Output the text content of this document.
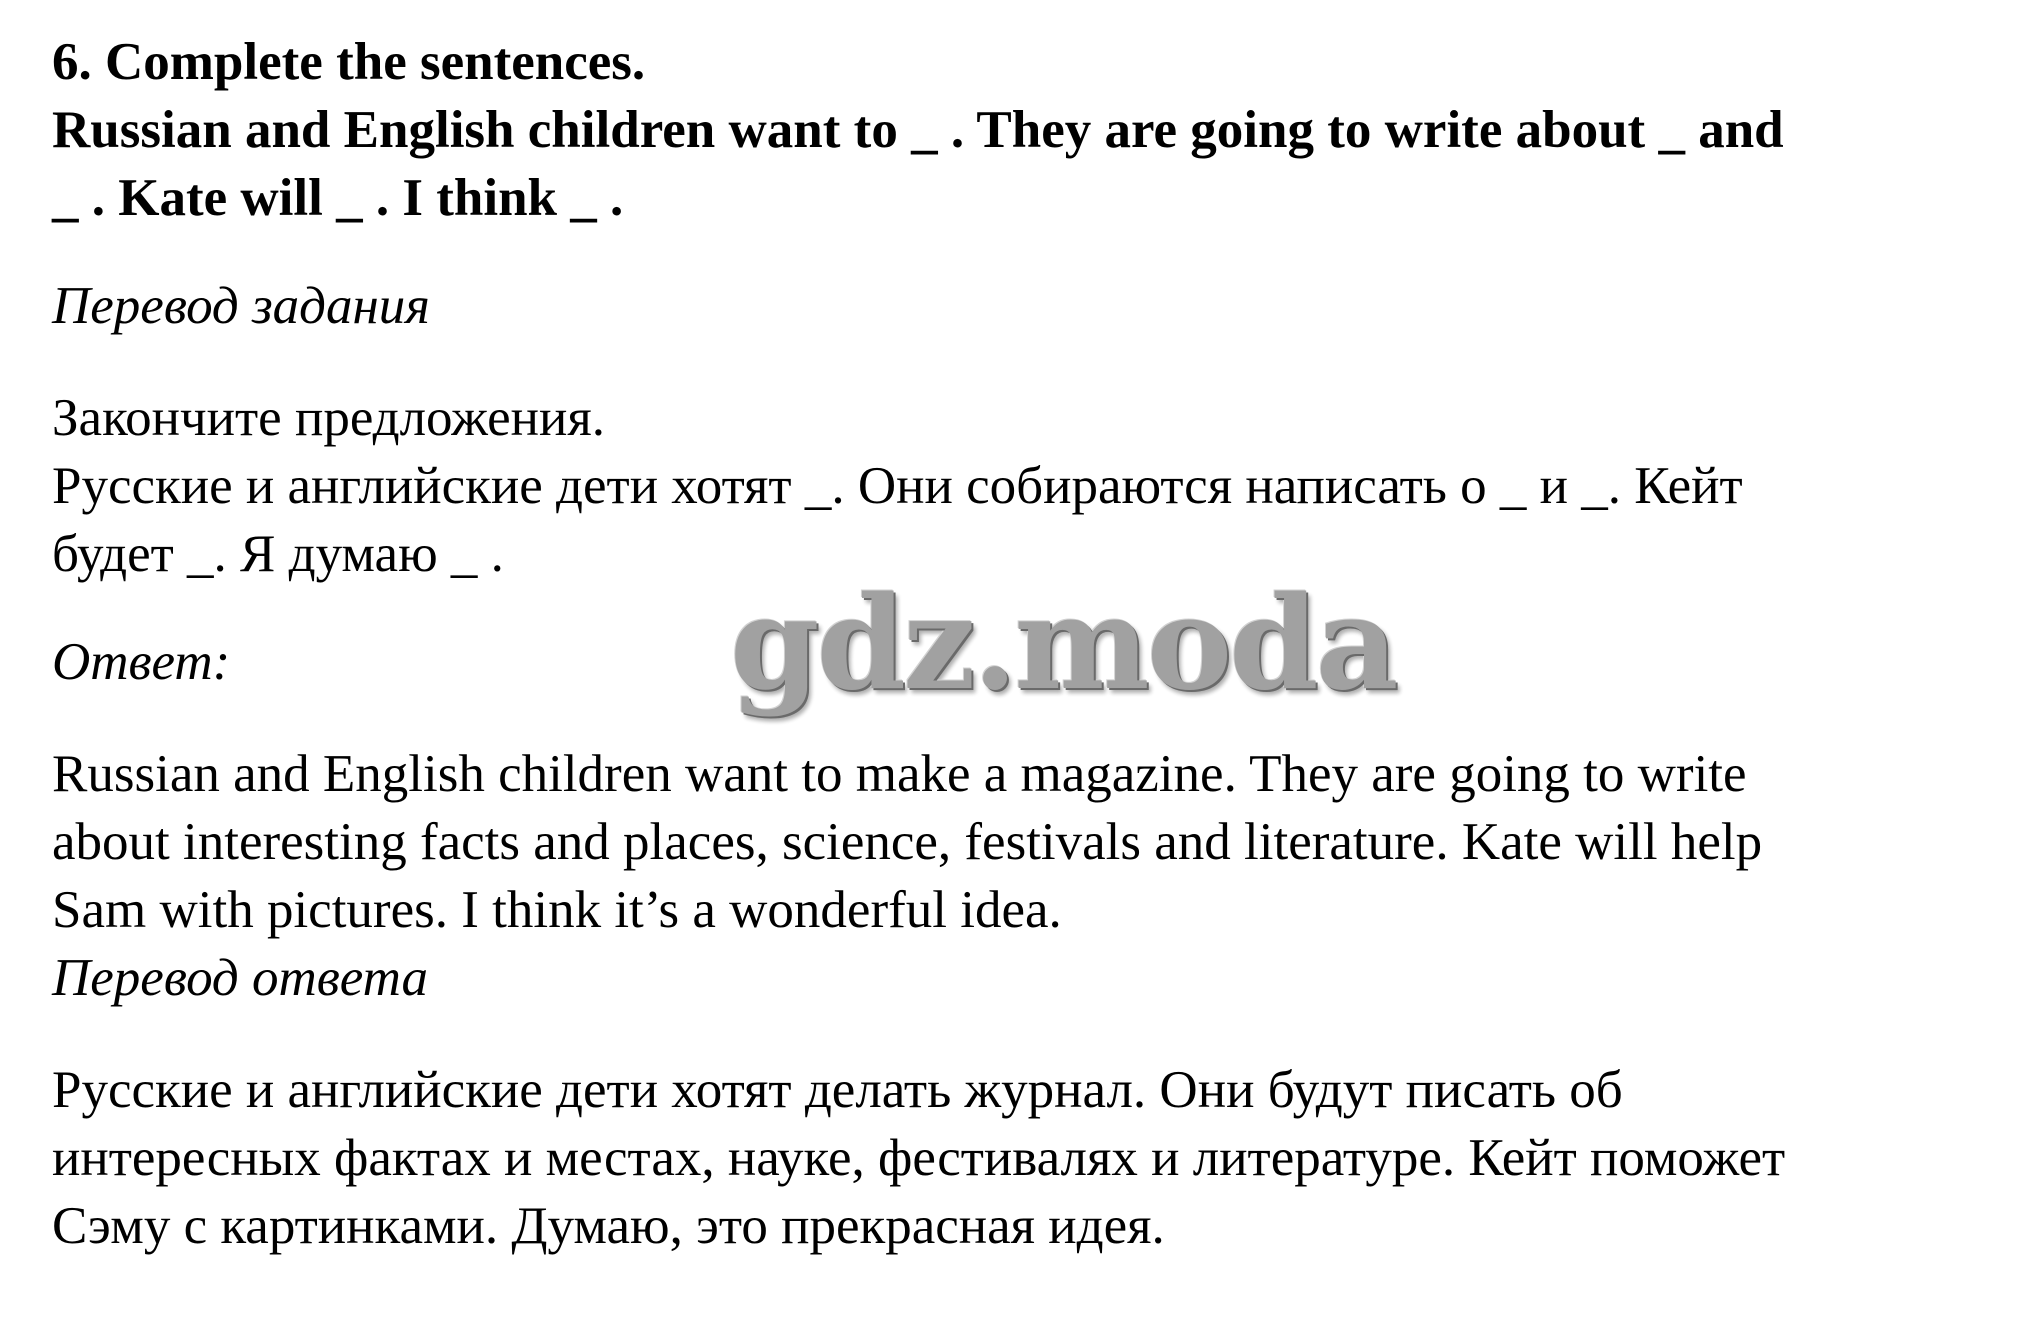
6. Complete the sentences.
Russian and English children want to _ . They are going to write about _ and
_ . Kate will _ . I think _ .
Перевод задания
Закончите предложения.
Русские и английские дети хотят _. Они собираются написать о _ и _. Кейт
будет _. Я думаю _ .
Ответ:
Russian and English children want to make a magazine. They are going to write
about interesting facts and places, science, festivals and literature. Kate will help
Sam with pictures. I think it’s a wonderful idea.
Перевод ответа
Русские и английские дети хотят делать журнал. Они будут писать об
интересных фактах и местах, науке, фестивалях и литературе. Кейт поможет
Сэму с картинками. Думаю, это прекрасная идея.
gdz.moda
